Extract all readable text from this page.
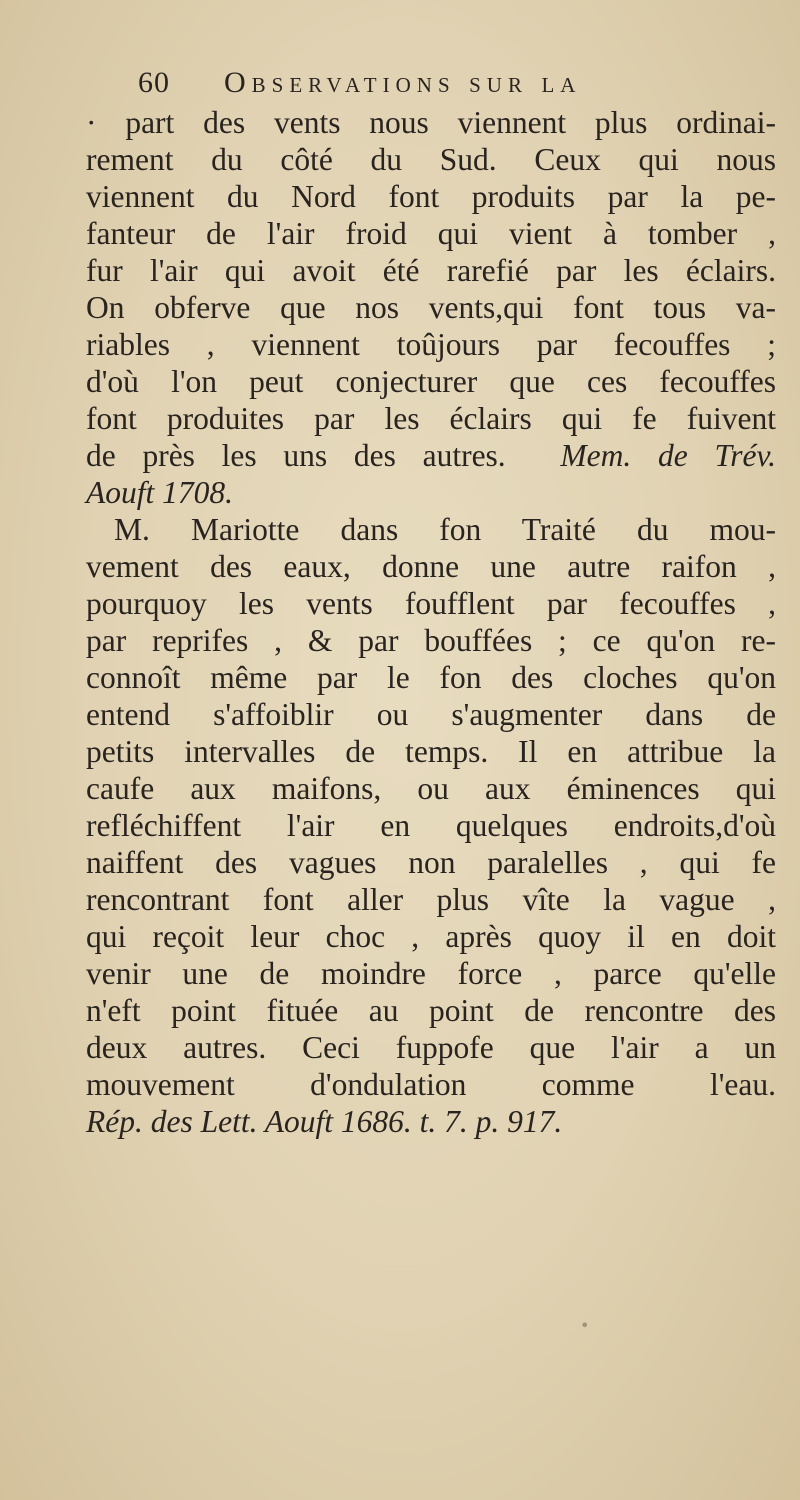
60 Observations sur la
· part des vents nous viennent plus ordinai-
rement du côté du Sud. Ceux qui nous
viennent du Nord font produits par la pe-
fanteur de l'air froid qui vient à tomber ,
fur l'air qui avoit été rarefié par les éclairs.
On obferve que nos vents,qui font tous va-
riables , viennent toûjours par fecouffes ;
d'où l'on peut conjecturer que ces fecouffes
font produites par les éclairs qui fe fuivent
de près les uns des autres. Mem. de Trév.
Aouft 1708.
M. Mariotte dans fon Traité du mou-
vement des eaux, donne une autre raifon ,
pourquoy les vents foufflent par fecouffes ,
par reprifes , & par bouffées ; ce qu'on re-
connoît même par le fon des cloches qu'on
entend s'affoiblir ou s'augmenter dans de
petits intervalles de temps. Il en attribue la
caufe aux maifons, ou aux éminences qui
refléchiffent l'air en quelques endroits,d'où
naiffent des vagues non paralelles , qui fe
rencontrant font aller plus vîte la vague ,
qui reçoit leur choc , après quoy il en doit
venir une de moindre force , parce qu'elle
n'eft point fituée au point de rencontre des
deux autres. Ceci fuppofe que l'air a un
mouvement d'ondulation comme l'eau.
Rép. des Lett. Aouft 1686. t. 7. p. 917.
•
